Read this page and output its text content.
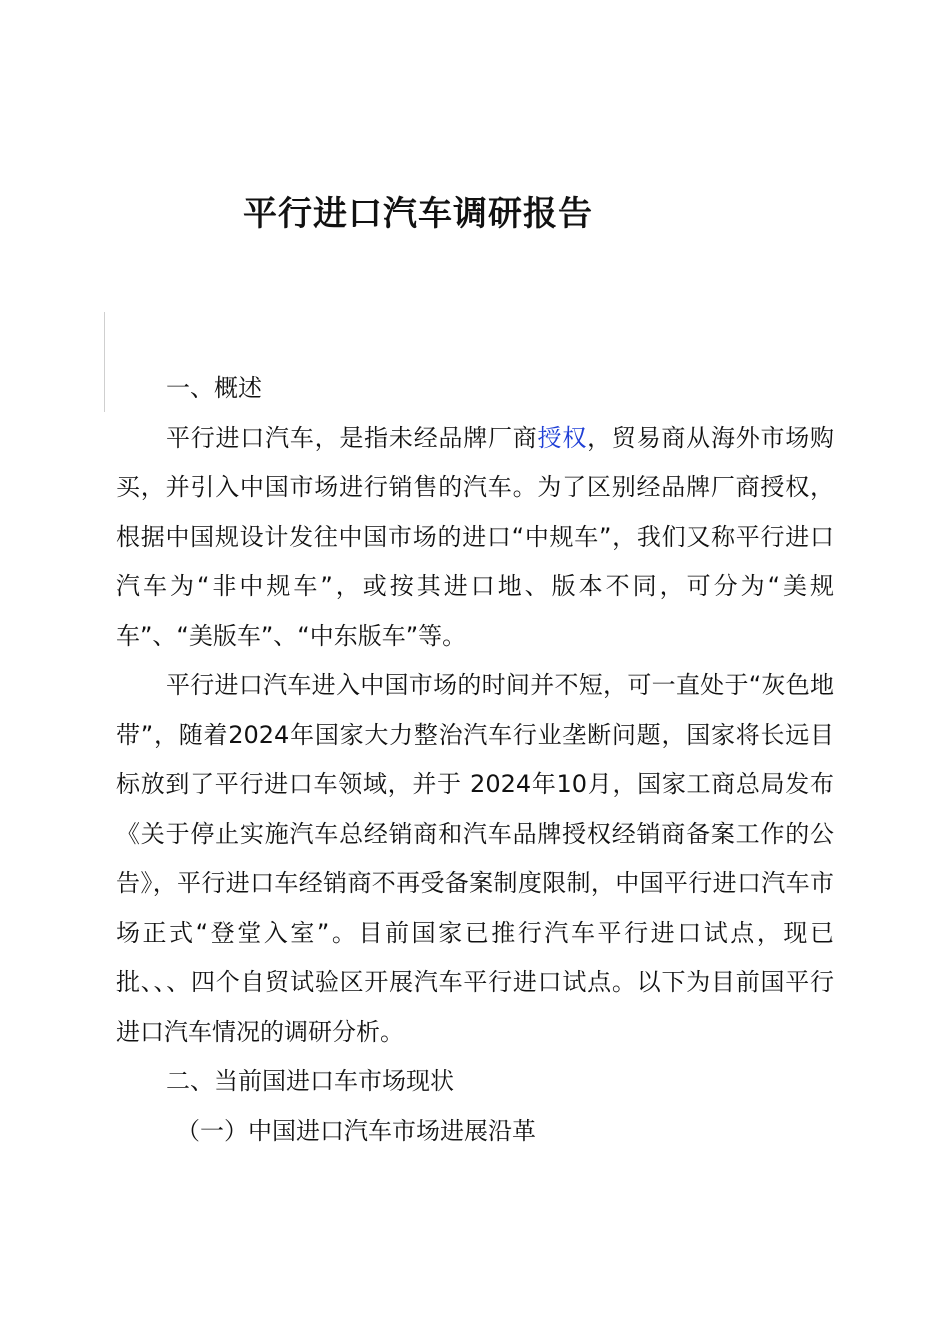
平行进口汽车调研报告

一、概述

平行进口汽车，是指未经品牌厂商授权，贸易商从海外市场购买，并引入中国市场进行销售的汽车。为了区别经品牌厂商授权，根据中国规设计发往中国市场的进口“中规车”，我们又称平行进口汽车为“非中规车”，或按其进口地、版本不同，可分为“美规车”、“美版车”、“中东版车”等。

平行进口汽车进入中国市场的时间并不短，可一直处于“灰色地带”，随着2024年国家大力整治汽车行业垄断问题，国家将长远目标放到了平行进口车领域，并于 2024年10月，国家工商总局发布《关于停止实施汽车总经销商和汽车品牌授权经销商备案工作的公告》，平行进口车经销商不再受备案制度限制，中国平行进口汽车市场正式“登堂入室”。目前国家已推行汽车平行进口试点，现已批、、、四个自贸试验区开展汽车平行进口试点。以下为目前国平行进口汽车情况的调研分析。

二、当前国进口车市场现状

（一）中国进口汽车市场进展沿革
